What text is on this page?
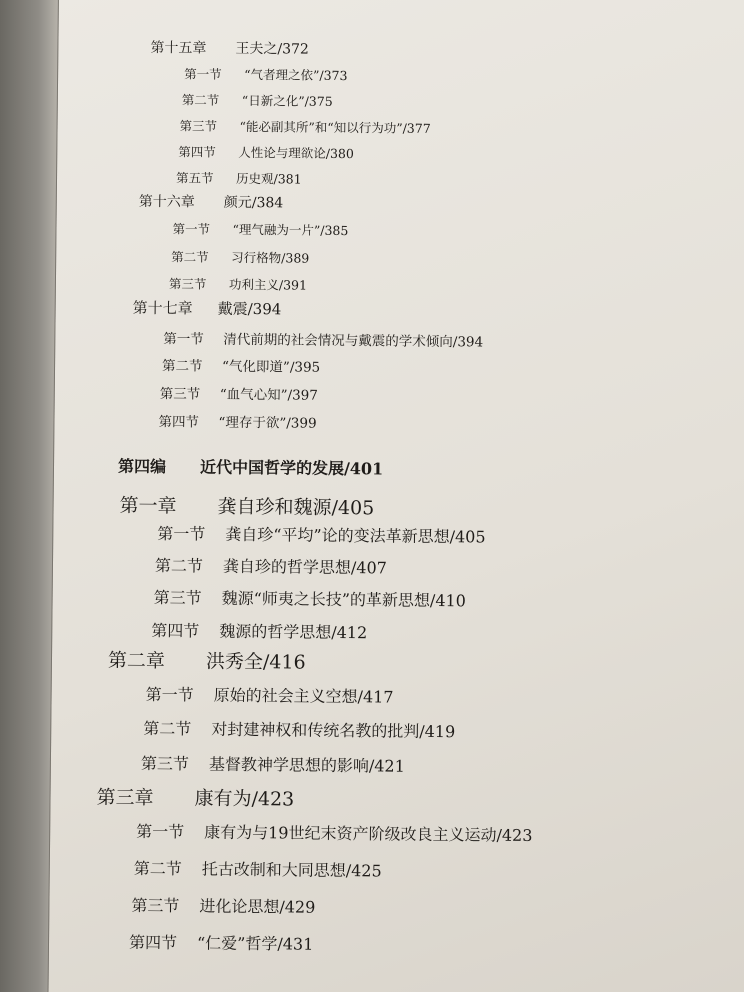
第十五章	王夫之/372
第一节	“气者理之依”/373
第二节	“日新之化”/375
第三节	“能必副其所”和“知以行为功”/377
第四节	人性论与理欲论/380
第五节	历史观/381
第十六章	颜元/384
第一节	“理气融为一片”/385
第二节	习行格物/389
第三节	功利主义/391
第十七章	戴震/394
第一节	清代前期的社会情况与戴震的学术倾向/394
第二节	“气化即道”/395
第三节	“血气心知”/397
第四节	“理存于欲”/399
第四编	近代中国哲学的发展/401
第一章	龚自珍和魏源/405
第一节	龚自珍“平均”论的变法革新思想/405
第二节	龚自珍的哲学思想/407
第三节	魏源“师夷之长技”的革新思想/410
第四节	魏源的哲学思想/412
第二章	洪秀全/416
第一节	原始的社会主义空想/417
第二节	对封建神权和传统名教的批判/419
第三节	基督教神学思想的影响/421
第三章	康有为/423
第一节	康有为与19世纪末资产阶级改良主义运动/423
第二节	托古改制和大同思想/425
第三节	进化论思想/429
第四节	“仁爱”哲学/431
